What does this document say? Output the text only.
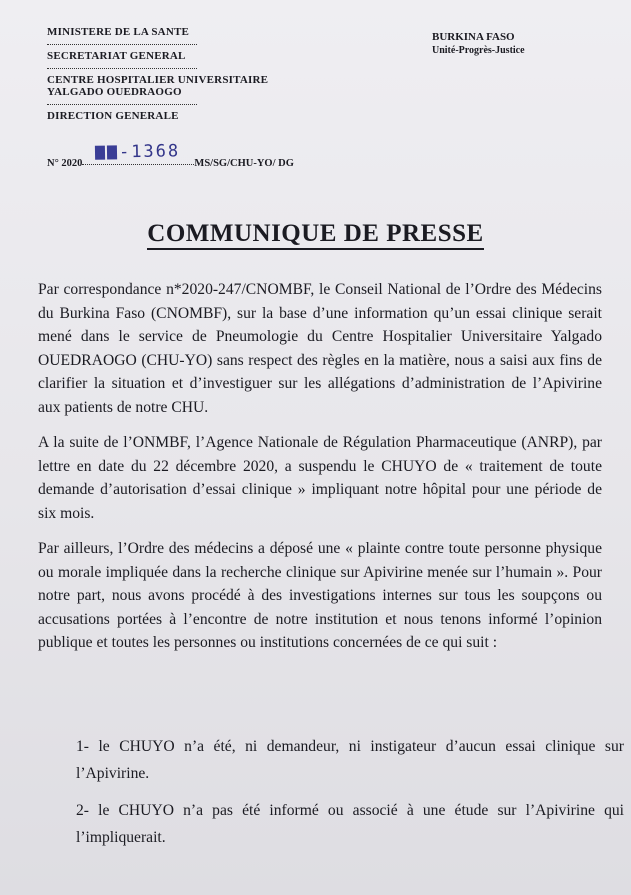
MINISTERE DE LA SANTE

SECRETARIAT GENERAL

CENTRE HOSPITALIER UNIVERSITAIRE

YALGADO OUEDRAOGO

DIRECTION GENERALE

-1368
N° 2020	MS/SG/CHU-YO/ DG
BURKINA FASO
Unité-Progrès-Justice
COMMUNIQUE DE PRESSE

Par correspondance n*2020-247/CNOMBF, le Conseil National de l’Ordre des Médecins du Burkina Faso (CNOMBF), sur la base d’une information qu’un essai clinique serait mené dans le service de Pneumologie du Centre Hospitalier Universitaire Yalgado OUEDRAOGO (CHU-YO) sans respect des règles en la matière, nous a saisi aux fins de clarifier la situation et d’investiguer sur les allégations d’administration de l’Apivirine aux patients de notre CHU.

A la suite de l’ONMBF, l’Agence Nationale de Régulation Pharmaceutique (ANRP), par lettre en date du 22 décembre 2020, a suspendu le CHUYO de « traitement de toute demande d’autorisation d’essai clinique » impliquant notre hôpital pour une période de six mois.

Par ailleurs, l’Ordre des médecins a déposé une « plainte contre toute personne physique ou morale impliquée dans la recherche clinique sur Apivirine menée sur l’humain ». Pour notre part, nous avons procédé à des investigations internes sur tous les soupçons ou accusations portées à l’encontre de notre institution et nous tenons informé l’opinion publique et toutes les personnes ou institutions concernées de ce qui suit :

1- le CHUYO n’a été, ni demandeur, ni instigateur d’aucun essai clinique sur l’Apivirine.

2- le CHUYO n’a pas été informé ou associé à une étude sur l’Apivirine qui l’impliquerait.
